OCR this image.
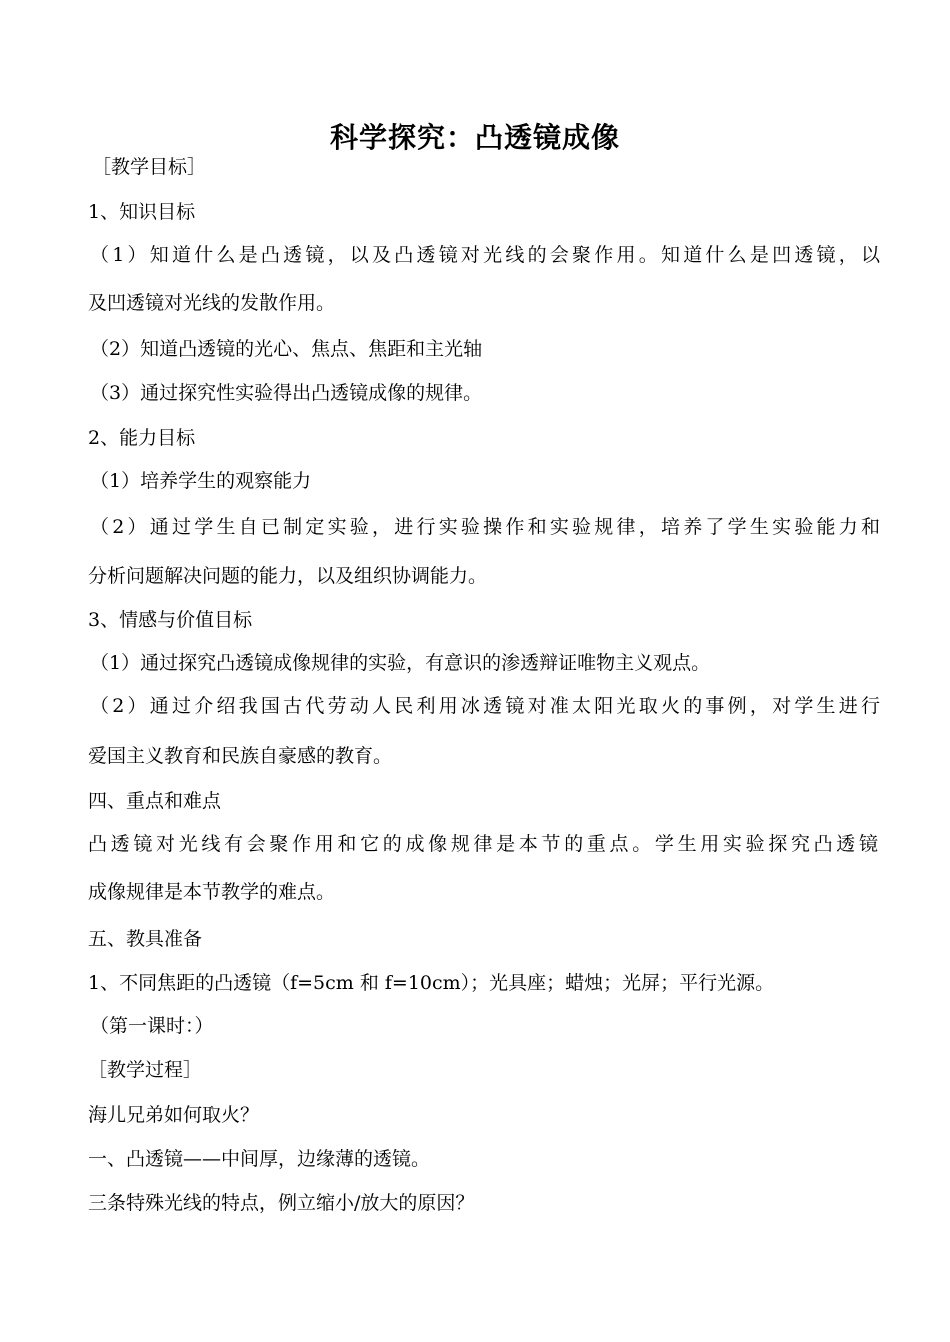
科学探究：凸透镜成像
［教学目标］
1、知识目标
（1）知道什么是凸透镜，以及凸透镜对光线的会聚作用。知道什么是凹透镜，以
及凹透镜对光线的发散作用。
（2）知道凸透镜的光心、焦点、焦距和主光轴
（3）通过探究性实验得出凸透镜成像的规律。
2、能力目标
（1）培养学生的观察能力
（2）通过学生自已制定实验，进行实验操作和实验规律，培养了学生实验能力和
分析问题解决问题的能力，以及组织协调能力。
3、情感与价值目标
（1）通过探究凸透镜成像规律的实验，有意识的渗透辩证唯物主义观点。
（2）通过介绍我国古代劳动人民利用冰透镜对准太阳光取火的事例，对学生进行
爱国主义教育和民族自豪感的教育。
四、重点和难点
凸透镜对光线有会聚作用和它的成像规律是本节的重点。学生用实验探究凸透镜
成像规律是本节教学的难点。
五、教具准备
1、不同焦距的凸透镜（f=5cm 和 f=10cm）；光具座；蜡烛；光屏；平行光源。
（第一课时：）
［教学过程］
海儿兄弟如何取火？
一、凸透镜——中间厚，边缘薄的透镜。
三条特殊光线的特点，例立缩小/放大的原因？
